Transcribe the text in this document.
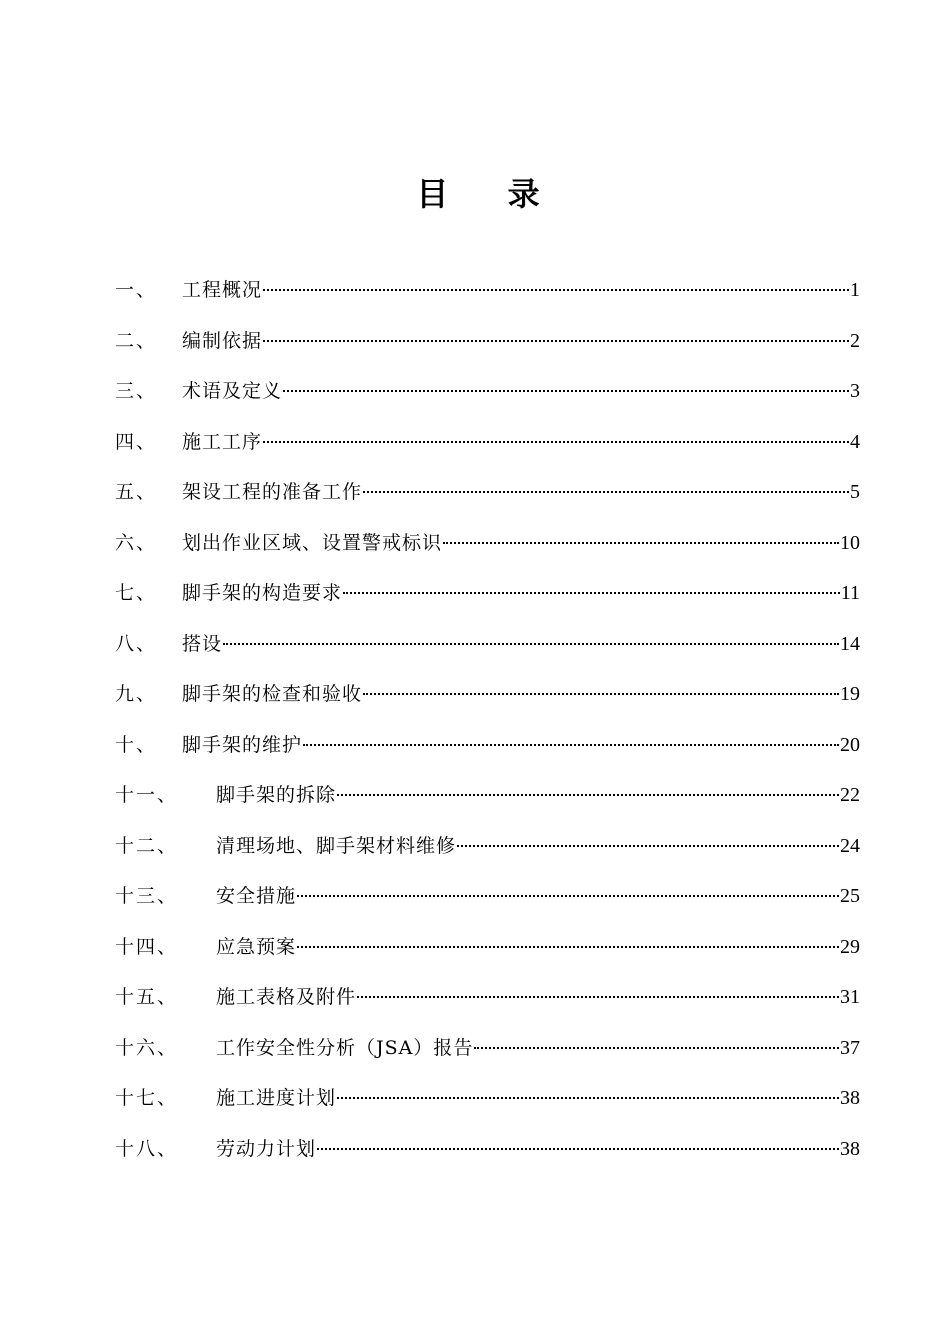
目 录
一、	工程概况	1
二、	编制依据	2
三、	术语及定义	3
四、	施工工序	4
五、	架设工程的准备工作	5
六、	划出作业区域、设置警戒标识	10
七、	脚手架的构造要求	11
八、	搭设	14
九、	脚手架的检查和验收	19
十、	脚手架的维护	20
十一、	脚手架的拆除	22
十二、	清理场地、脚手架材料维修	24
十三、	安全措施	25
十四、	应急预案	29
十五、	施工表格及附件	31
十六、	工作安全性分析（JSA）报告	37
十七、	施工进度计划	38
十八、	劳动力计划	38
